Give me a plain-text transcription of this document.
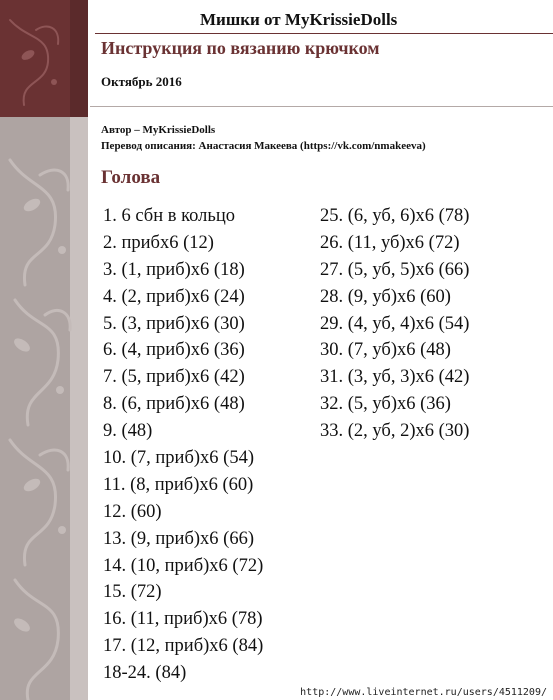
Мишки от MyKrissieDolls
Инструкция по вязанию крючком
Октябрь 2016
Автор – MyKrissieDolls
Перевод описания: Анастасия Макеева (https://vk.com/nmakeeva)
Голова
1. 6 сбн в кольцо
2. прибx6 (12)
3. (1, приб)x6 (18)
4. (2, приб)x6 (24)
5. (3, приб)x6 (30)
6. (4, приб)x6 (36)
7. (5, приб)x6 (42)
8. (6, приб)x6 (48)
9. (48)
10. (7, приб)x6 (54)
11. (8, приб)x6 (60)
12. (60)
13. (9, приб)x6 (66)
14. (10, приб)x6 (72)
15. (72)
16. (11, приб)x6 (78)
17. (12, приб)x6 (84)
18-24. (84)
25. (6, уб, 6)x6 (78)
26. (11, уб)x6 (72)
27. (5, уб, 5)x6 (66)
28. (9, уб)x6 (60)
29. (4, уб, 4)x6 (54)
30. (7, уб)x6 (48)
31. (3, уб, 3)x6 (42)
32. (5, уб)x6 (36)
33. (2, уб, 2)x6 (30)
http://www.liveinternet.ru/users/4511209/
